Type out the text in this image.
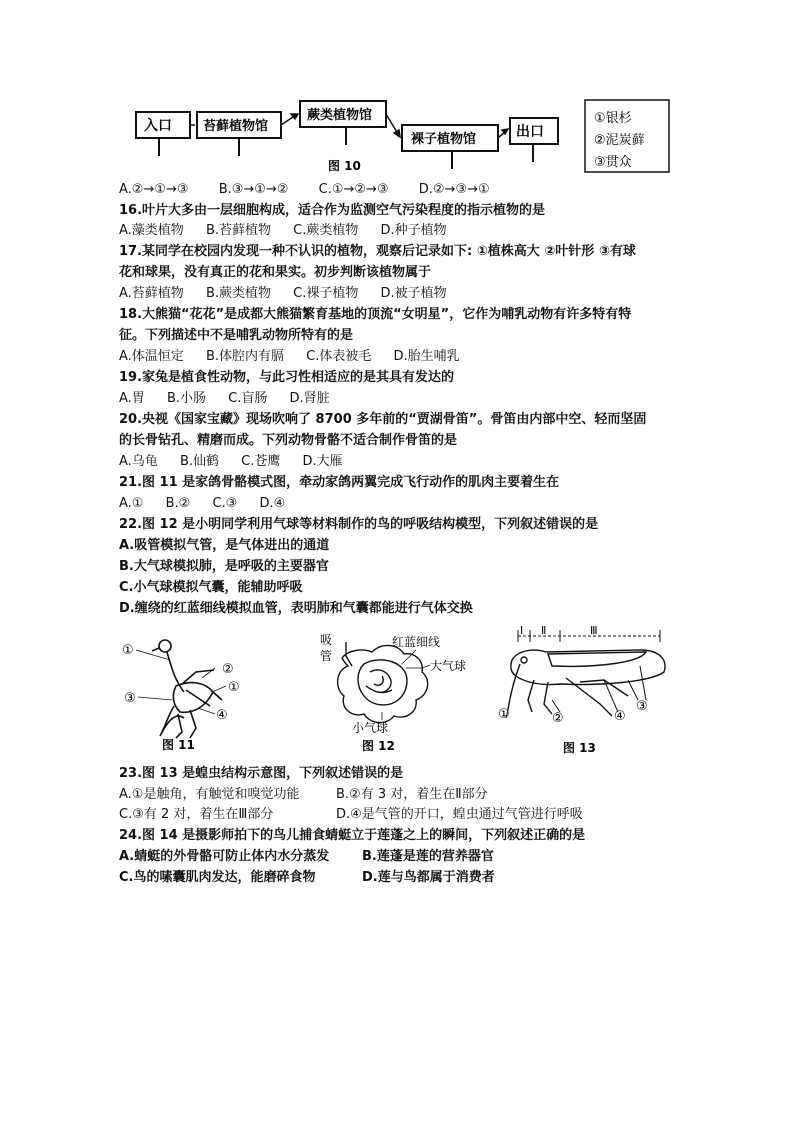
入口 苔藓植物馆
蕨类植物馆
裸子植物馆	出口
①银杉
②泥炭藓
③贯众
图 10
A.②→①→③ B.③→①→② C.①→②→③ D.②→③→①
16.叶片大多由一层细胞构成，适合作为监测空气污染程度的指示植物的是
A.藻类植物 B.苔藓植物 C.蕨类植物 D.种子植物
17.某同学在校园内发现一种不认识的植物，观察后记录如下: ①植株高大 ②叶针形 ③有球
花和球果，没有真正的花和果实。初步判断该植物属于
A.苔藓植物 B.蕨类植物 C.裸子植物 D.被子植物
18.大熊猫“花花”是成都大熊猫繁育基地的顶流“女明星”，它作为哺乳动物有许多特有特
征。下列描述中不是哺乳动物所特有的是
A.体温恒定 B.体腔内有膈 C.体表被毛 D.胎生哺乳
19.家兔是植食性动物，与此习性相适应的是其具有发达的
A.胃 B.小肠 C.盲肠 D.肾脏
20.央视《国家宝藏》现场吹响了 8700 多年前的“贾湖骨笛”。骨笛由内部中空、轻而坚固
的长骨钻孔、精磨而成。下列动物骨骼不适合制作骨笛的是
A.乌龟 B.仙鹤 C.苍鹰 D.大雁
21.图 11 是家鸽骨骼模式图，牵动家鸽两翼完成飞行动作的肌肉主要着生在
A.① B.② C.③ D.④
22.图 12 是小明同学利用气球等材料制作的鸟的呼吸结构模型，下列叙述错误的是
A.吸管模拟气管，是气体进出的通道
B.大气球模拟肺，是呼吸的主要器官
C.小气球模拟气囊，能辅助呼吸
D.缠绕的红蓝细线模拟血管，表明肺和气囊都能进行气体交换
①
②
①
③
④
图 11
吸
管
红蓝细线
大气球
小气球
图 12
Ⅰ Ⅱ	Ⅲ
①	②	④
③
图 13
23.图 13 是蝗虫结构示意图，下列叙述错误的是
A.①是触角，有触觉和嗅觉功能	B.②有 3 对，着生在Ⅱ部分
C.③有 2 对，着生在Ⅲ部分	D.④是气管的开口，蝗虫通过气管进行呼吸
24.图 14 是摄影师拍下的鸟儿捕食蜻蜓立于莲蓬之上的瞬间，下列叙述正确的是
A.蜻蜓的外骨骼可防止体内水分蒸发	B.莲蓬是莲的营养器官
C.鸟的嗉囊肌肉发达，能磨碎食物	D.莲与鸟都属于消费者
